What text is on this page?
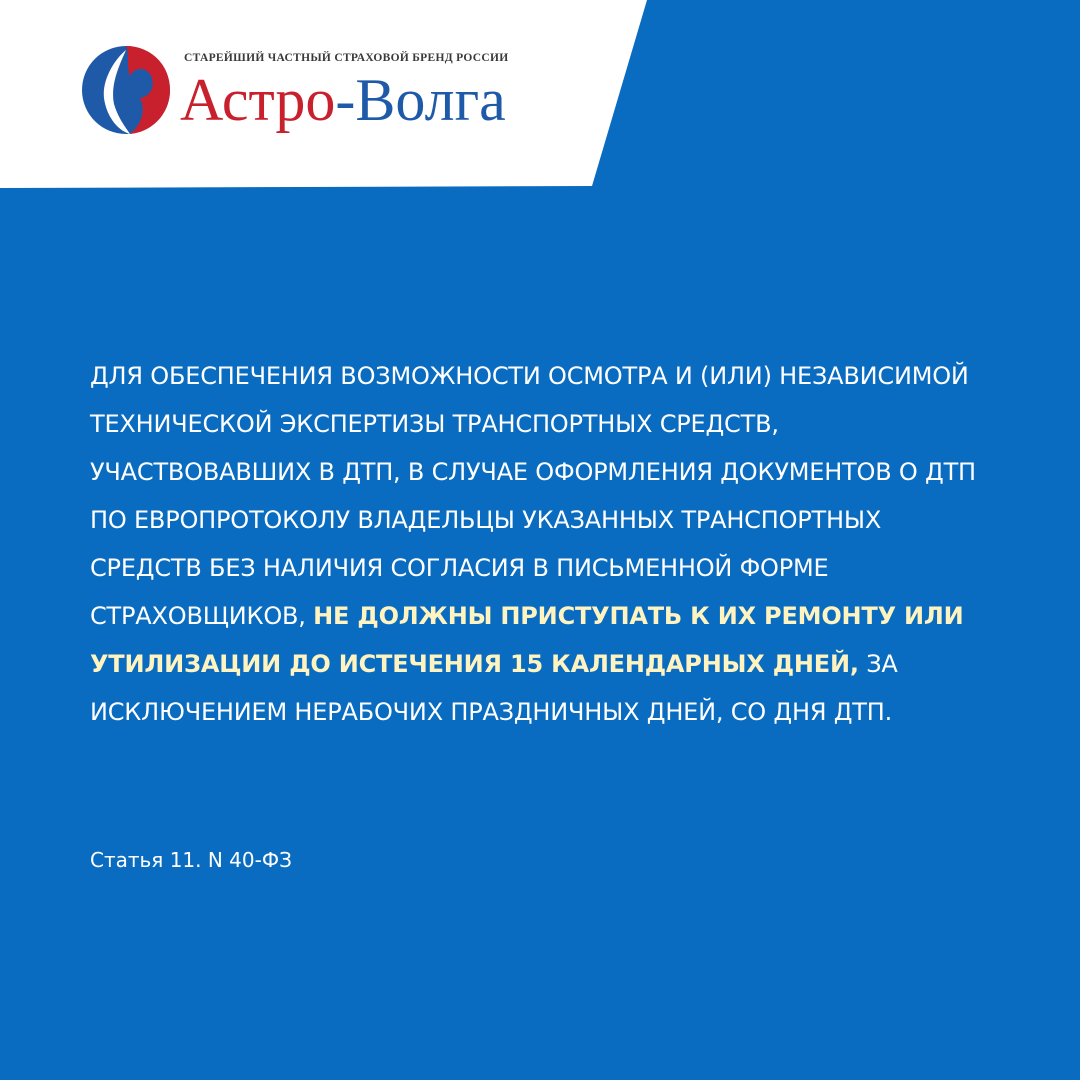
СТАРЕЙШИЙ ЧАСТНЫЙ СТРАХОВОЙ БРЕНД РОССИИ
Астро-Волга
ДЛЯ ОБЕСПЕЧЕНИЯ ВОЗМОЖНОСТИ ОСМОТРА И (ИЛИ) НЕЗАВИСИМОЙ ТЕХНИЧЕСКОЙ ЭКСПЕРТИЗЫ ТРАНСПОРТНЫХ СРЕДСТВ, УЧАСТВОВАВШИХ В ДТП, В СЛУЧАЕ ОФОРМЛЕНИЯ ДОКУМЕНТОВ О ДТП ПО ЕВРОПРОТОКОЛУ ВЛАДЕЛЬЦЫ УКАЗАННЫХ ТРАНСПОРТНЫХ СРЕДСТВ БЕЗ НАЛИЧИЯ СОГЛАСИЯ В ПИСЬМЕННОЙ ФОРМЕ СТРАХОВЩИКОВ, НЕ ДОЛЖНЫ ПРИСТУПАТЬ К ИХ РЕМОНТУ ИЛИ УТИЛИЗАЦИИ ДО ИСТЕЧЕНИЯ 15 КАЛЕНДАРНЫХ ДНЕЙ, ЗА ИСКЛЮЧЕНИЕМ НЕРАБОЧИХ ПРАЗДНИЧНЫХ ДНЕЙ, СО ДНЯ ДТП.
Статья 11. N 40-ФЗ
